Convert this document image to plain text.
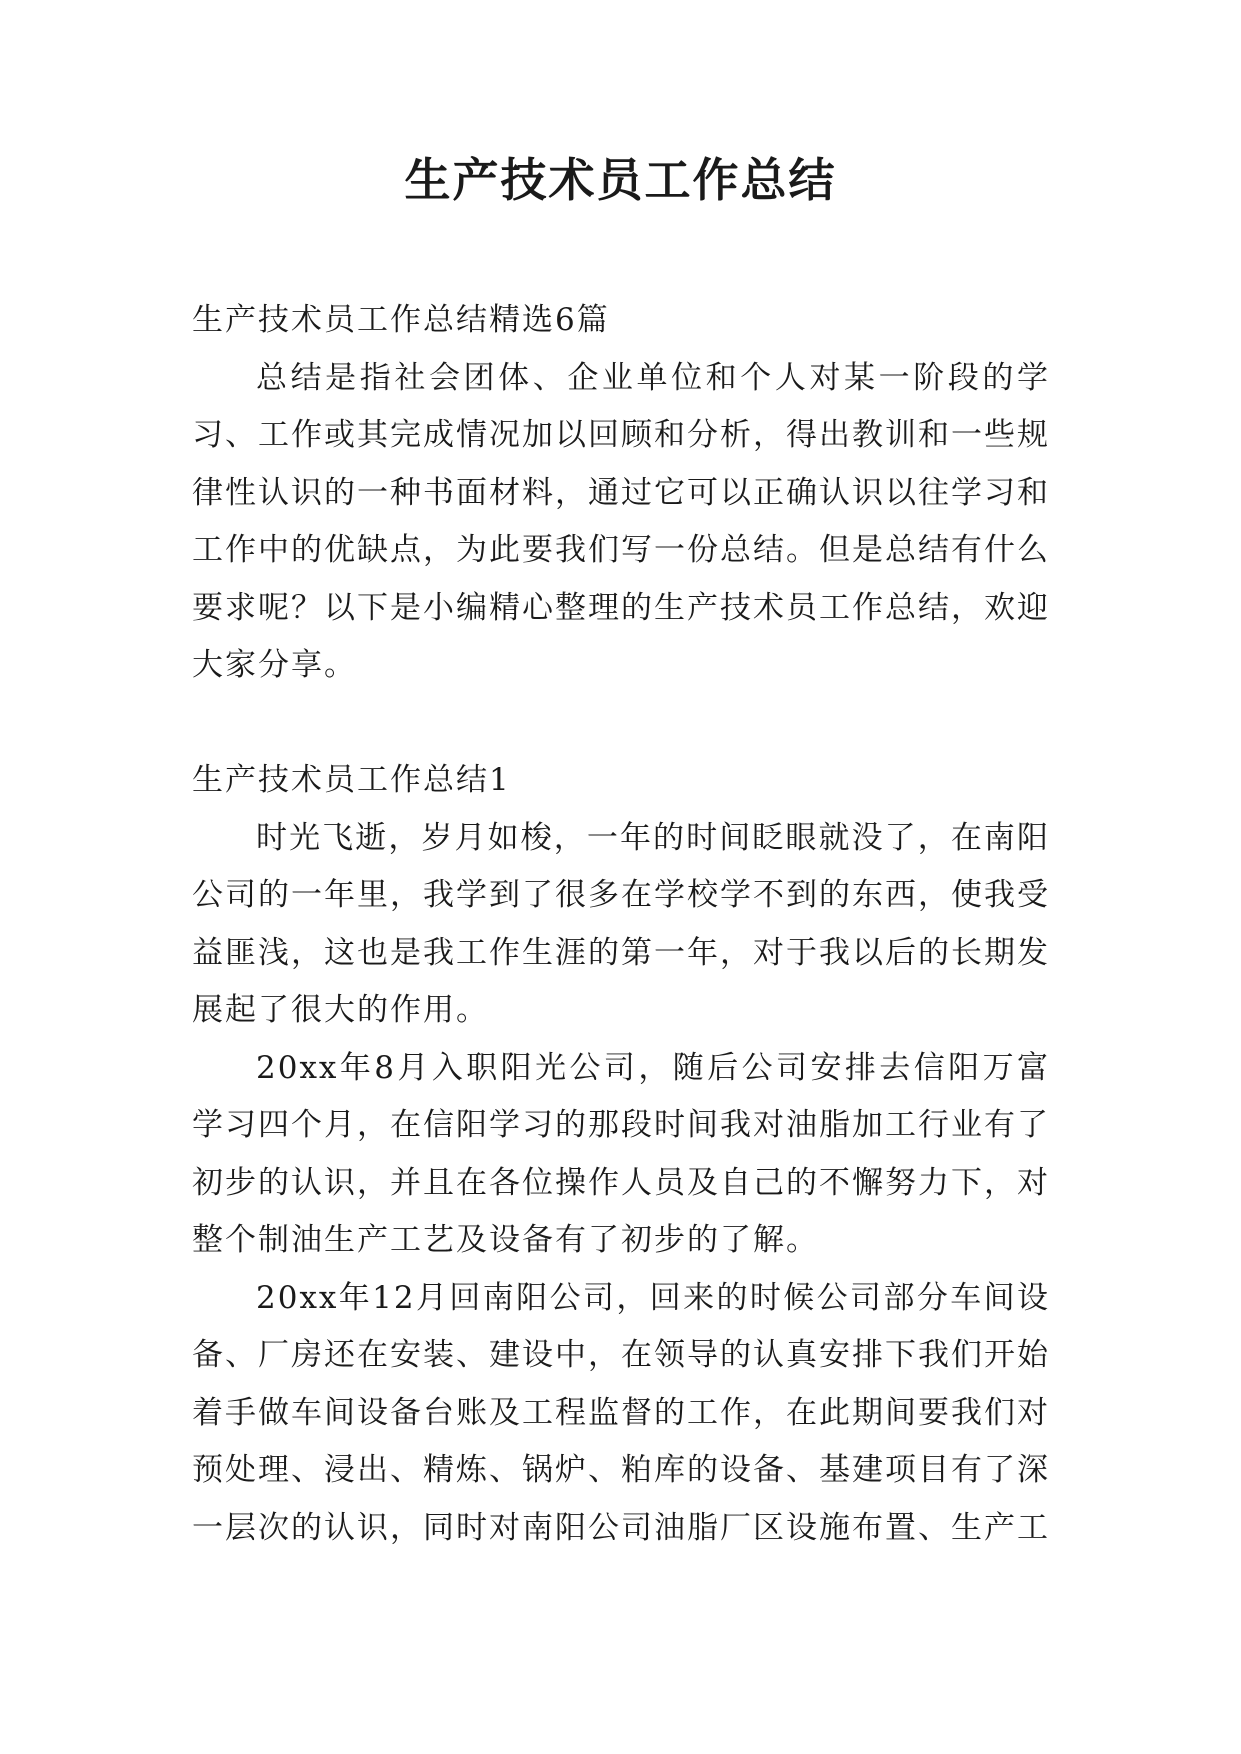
生产技术员工作总结

生产技术员工作总结精选6篇

总结是指社会团体、企业单位和个人对某一阶段的学习、工作或其完成情况加以回顾和分析，得出教训和一些规律性认识的一种书面材料，通过它可以正确认识以往学习和工作中的优缺点，为此要我们写一份总结。但是总结有什么要求呢？以下是小编精心整理的生产技术员工作总结，欢迎大家分享。

生产技术员工作总结1

时光飞逝，岁月如梭，一年的时间眨眼就没了，在南阳公司的一年里，我学到了很多在学校学不到的东西，使我受益匪浅，这也是我工作生涯的第一年，对于我以后的长期发展起了很大的作用。

20xx年8月入职阳光公司，随后公司安排去信阳万富学习四个月，在信阳学习的那段时间我对油脂加工行业有了初步的认识，并且在各位操作人员及自己的不懈努力下，对整个制油生产工艺及设备有了初步的了解。

20xx年12月回南阳公司，回来的时候公司部分车间设备、厂房还在安装、建设中，在领导的认真安排下我们开始着手做车间设备台账及工程监督的工作，在此期间要我们对预处理、浸出、精炼、锅炉、粕库的设备、基建项目有了深一层次的认识，同时对南阳公司油脂厂区设施布置、生产工
